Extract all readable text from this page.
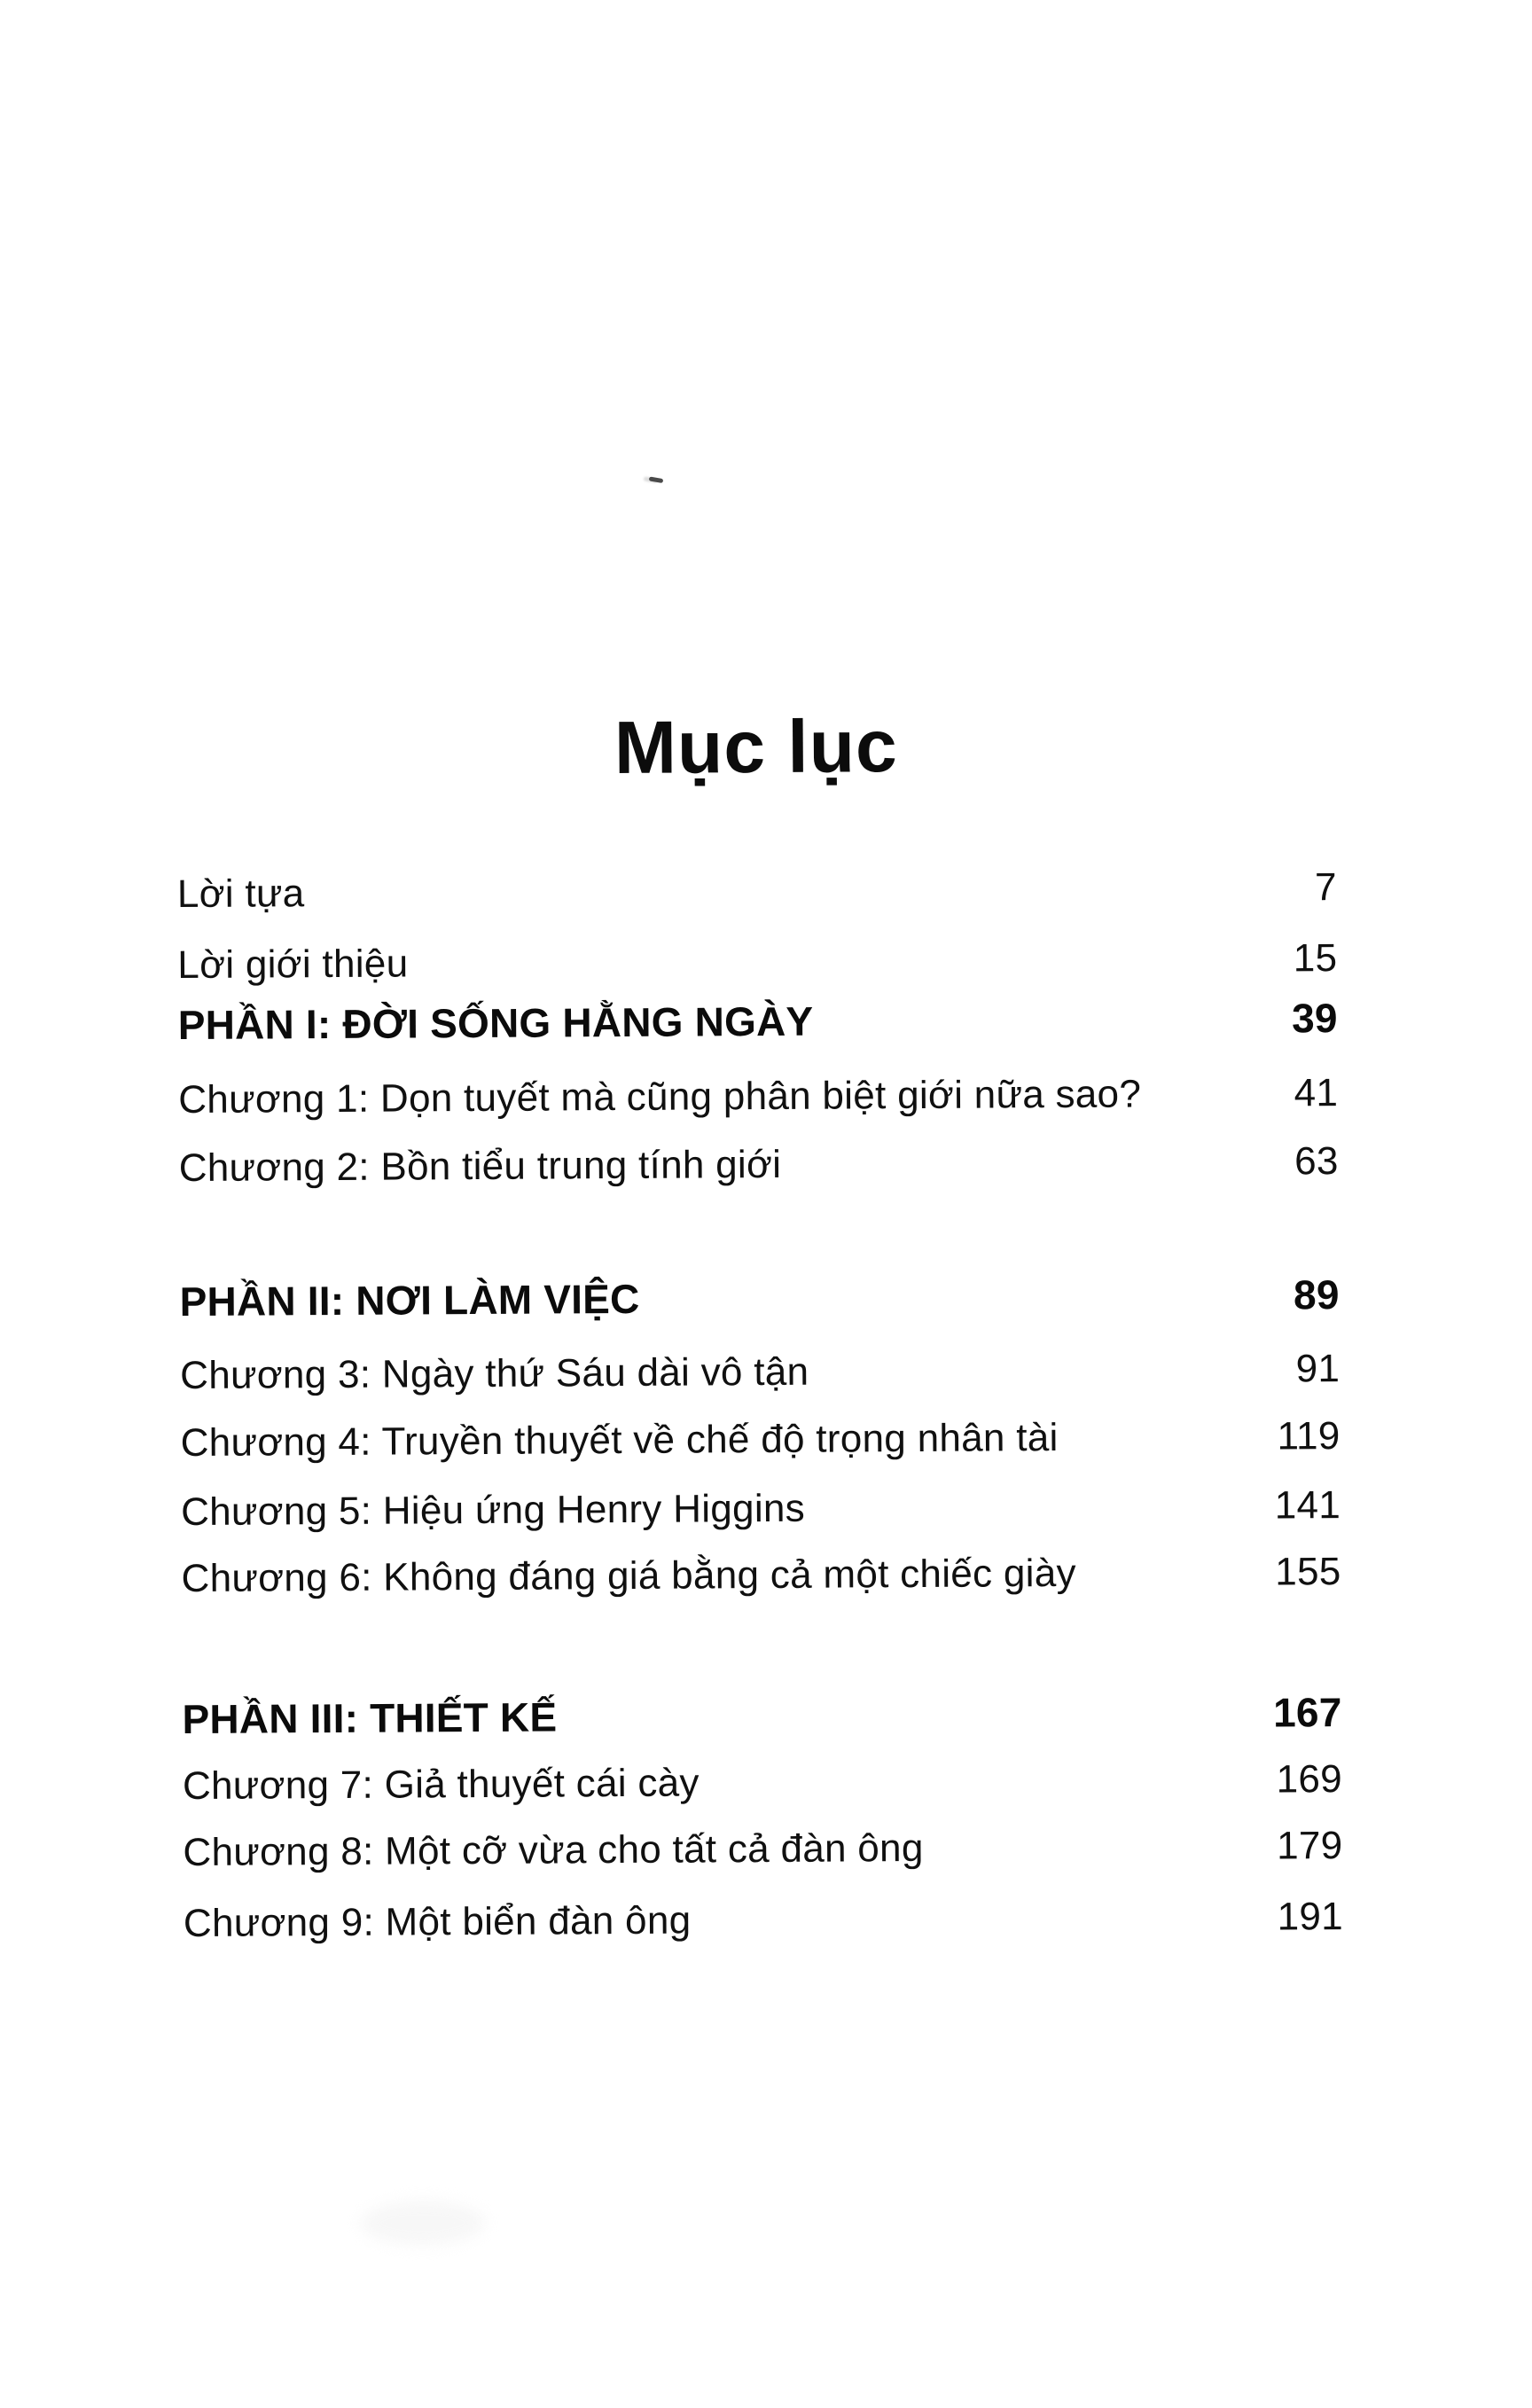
Mục lục
Lời tựa	7
Lời giới thiệu	15
PHẦN I: ĐỜI SỐNG HẰNG NGÀY	39
Chương 1: Dọn tuyết mà cũng phân biệt giới nữa sao?	41
Chương 2: Bồn tiểu trung tính giới	63
PHẦN II: NƠI LÀM VIỆC	89
Chương 3: Ngày thứ Sáu dài vô tận	91
Chương 4: Truyền thuyết về chế độ trọng nhân tài	119
Chương 5: Hiệu ứng Henry Higgins	141
Chương 6: Không đáng giá bằng cả một chiếc giày	155
PHẦN III: THIẾT KẾ	167
Chương 7: Giả thuyết cái cày	169
Chương 8: Một cỡ vừa cho tất cả đàn ông	179
Chương 9: Một biển đàn ông	191
